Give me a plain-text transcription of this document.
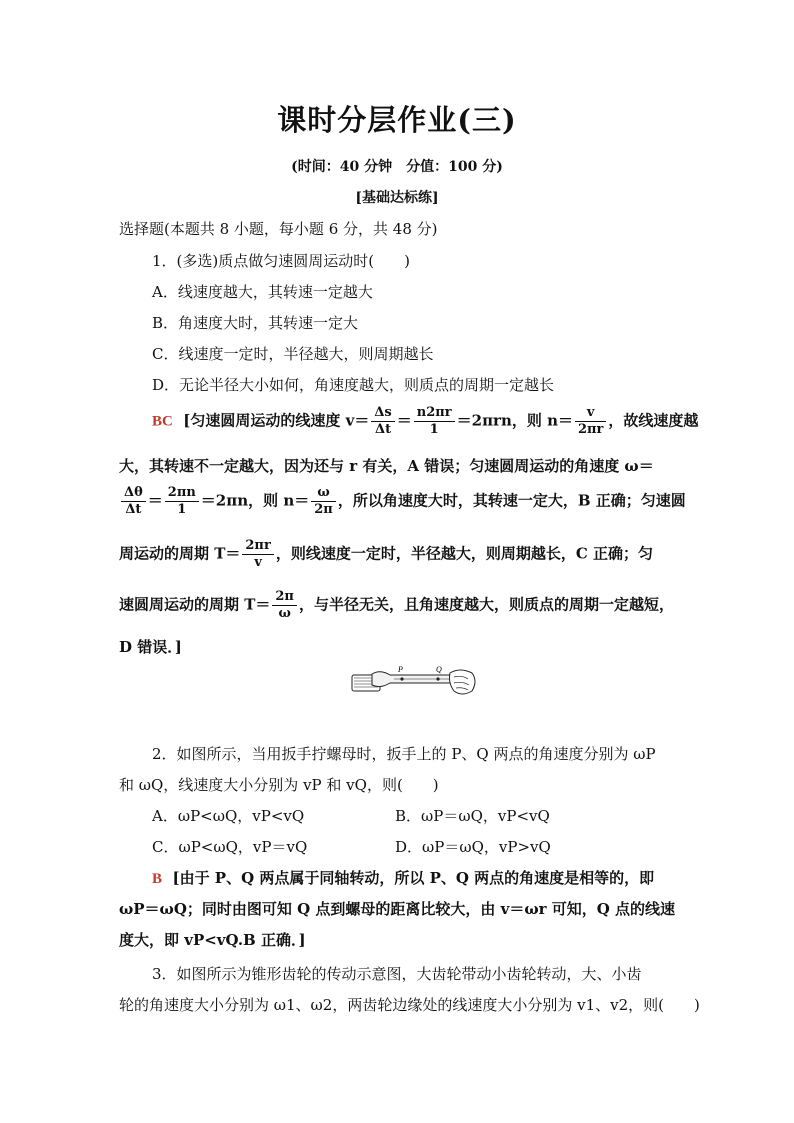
课时分层作业(三)
(时间：40 分钟　分值：100 分)
[基础达标练]
选择题(本题共 8 小题，每小题 6 分，共 48 分)
1．(多选)质点做匀速圆周运动时(　　)
A．线速度越大，其转速一定越大
B．角速度大时，其转速一定大
C．线速度一定时，半径越大，则周期越长
D．无论半径大小如何，角速度越大，则质点的周期一定越长
BC [匀速圆周运动的线速度 $v= \frac{\Delta s}{\Delta t} = \frac{n2\pi r}{1} =2\pi rn$，则 $n= \frac{v}{2\pi r}$ ，故线速度越
大，其转速不一定越大，因为还与 r 有关，A 错误；匀速圆周运动的角速度 ω＝
$\frac{\Delta\theta}{\Delta t} = \frac{2\pi n}{1} =2\pi n$，则 $n= \frac{\omega}{2\pi}$ ，所以角速度大时，其转速一定大，B 正确；匀速圆
周运动的周期 $T= \frac{2\pi r}{v}$ ，则线速度一定时，半径越大，则周期越长，C 正确；匀
速圆周运动的周期 $T= \frac{2\pi}{\omega}$ ，与半径无关，且角速度越大，则质点的周期一定越短，
D 错误．]
P	Q
2．如图所示，当用扳手拧螺母时，扳手上的 P、Q 两点的角速度分别为 ωP
和 ωQ，线速度大小分别为 vP 和 vQ，则(　　)
A．ωP<ωQ，vP<vQ	B．ωP＝ωQ，vP<vQ
C．ωP<ωQ，vP＝vQ	D．ωP＝ωQ，vP>vQ
B [由于 P、Q 两点属于同轴转动，所以 P、Q 两点的角速度是相等的，即
ωP＝ωQ；同时由图可知 Q 点到螺母的距离比较大，由 v＝ωr 可知，Q 点的线速
度大，即 vP<vQ.B 正确．]
3．如图所示为锥形齿轮的传动示意图，大齿轮带动小齿轮转动，大、小齿
轮的角速度大小分别为 ω1、ω2，两齿轮边缘处的线速度大小分别为 v1、v2，则(　　)
